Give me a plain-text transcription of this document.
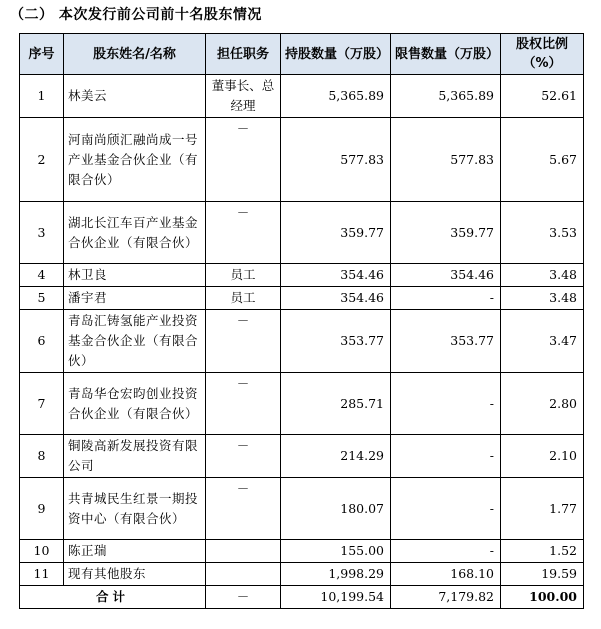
（二） 本次发行前公司前十名股东情况
序号	股东姓名/名称	担任职务	持股数量（万股）	限售数量（万股）	股权比例（%）
1	林美云	董事长、总经理	5,365.89	5,365.89	52.61
2	河南尚颀汇融尚成一号产业基金合伙企业（有限合伙）	－	577.83	577.83	5.67
3	湖北长江车百产业基金合伙企业（有限合伙）	－	359.77	359.77	3.53
4	林卫良	员工	354.46	354.46	3.48
5	潘宇君	员工	354.46	-	3.48
6	青岛汇铸氢能产业投资基金合伙企业（有限合伙）	－	353.77	353.77	3.47
7	青岛华仓宏昀创业投资合伙企业（有限合伙）	－	285.71	-	2.80
8	铜陵高新发展投资有限公司	－	214.29	-	2.10
9	共青城民生红景一期投资中心（有限合伙）	－	180.07	-	1.77
10	陈正瑞		155.00	-	1.52
11	现有其他股东		1,998.29	168.10	19.59
合计		－	10,199.54	7,179.82	100.00
